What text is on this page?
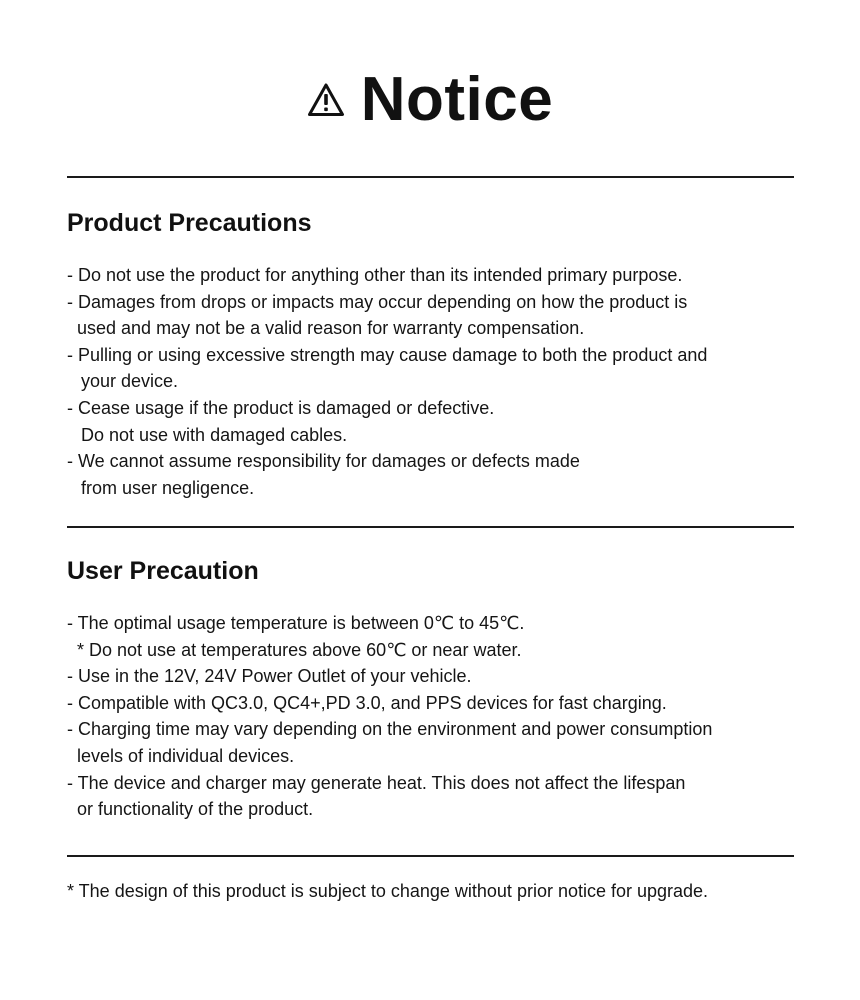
Notice
Product Precautions
- Do not use the product for anything other than its intended primary purpose.
- Damages from drops or impacts may occur depending on how the product is
used and may not be a valid reason for warranty compensation.
- Pulling or using excessive strength may cause damage to both the product and
your device.
- Cease usage if the product is damaged or defective.
Do not use with damaged cables.
- We cannot assume responsibility for damages or defects made
from user negligence.
User Precaution
- The optimal usage temperature is between 0℃ to 45℃.
* Do not use at temperatures above 60℃ or near water.
- Use in the 12V, 24V Power Outlet of your vehicle.
- Compatible with QC3.0, QC4+,PD 3.0, and PPS devices for fast charging.
- Charging time may vary depending on the environment and power consumption
levels of individual devices.
- The device and charger may generate heat. This does not affect the lifespan
or functionality of the product.
* The design of this product is subject to change without prior notice for upgrade.
